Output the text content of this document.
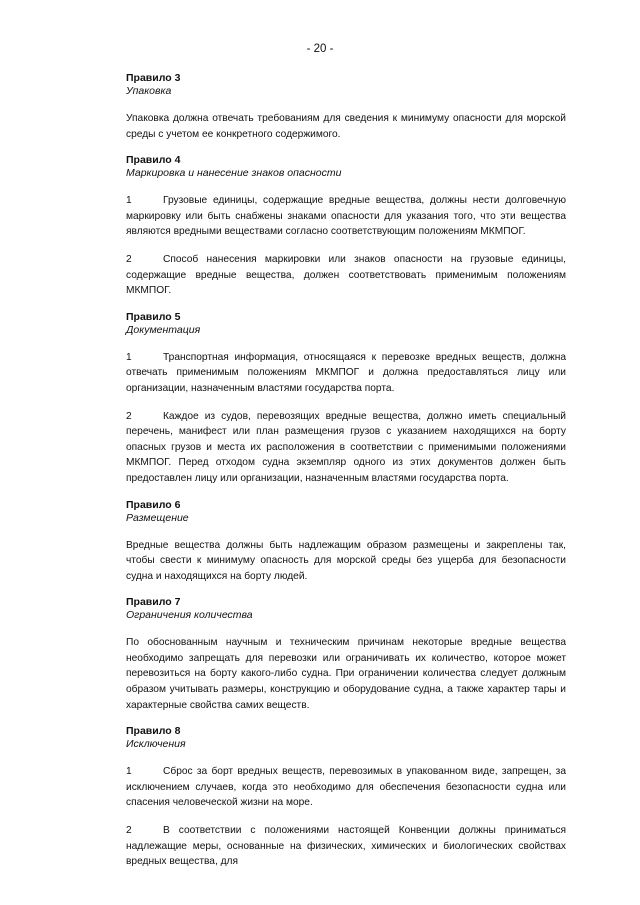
- 20 -
Правило 3
Упаковка

Упаковка должна отвечать требованиям для сведения к минимуму опасности для морской среды с учетом ее конкретного содержимого.

Правило 4
Маркировка и нанесение знаков опасности

1	Грузовые единицы, содержащие вредные вещества, должны нести долговечную маркировку или быть снабжены знаками опасности для указания того, что эти вещества являются вредными веществами согласно соответствующим положениям МКМПОГ.

2	Способ нанесения маркировки или знаков опасности на грузовые единицы, содержащие вредные вещества, должен соответствовать применимым положениям МКМПОГ.

Правило 5
Документация

1	Транспортная информация, относящаяся к перевозке вредных веществ, должна отвечать применимым положениям МКМПОГ и должна предоставляться лицу или организации, назначенным властями государства порта.

2	Каждое из судов, перевозящих вредные вещества, должно иметь специальный перечень, манифест или план размещения грузов с указанием находящихся на борту опасных грузов и места их расположения в соответствии с применимыми положениями МКМПОГ. Перед отходом судна экземпляр одного из этих документов должен быть предоставлен лицу или организации, назначенным властями государства порта.

Правило 6
Размещение

Вредные вещества должны быть надлежащим образом размещены и закреплены так, чтобы свести к минимуму опасность для морской среды без ущерба для безопасности судна и находящихся на борту людей.

Правило 7
Ограничения количества

По обоснованным научным и техническим причинам некоторые вредные вещества необходимо запрещать для перевозки или ограничивать их количество, которое может перевозиться на борту какого-либо судна. При ограничении количества следует должным образом учитывать размеры, конструкцию и оборудование судна, а также характер тары и характерные свойства самих веществ.

Правило 8
Исключения

1	Сброс за борт вредных веществ, перевозимых в упакованном виде, запрещен, за исключением случаев, когда это необходимо для обеспечения безопасности судна или спасения человеческой жизни на море.

2	В соответствии с положениями настоящей Конвенции должны приниматься надлежащие меры, основанные на физических, химических и биологических свойствах вредных вещества, для
